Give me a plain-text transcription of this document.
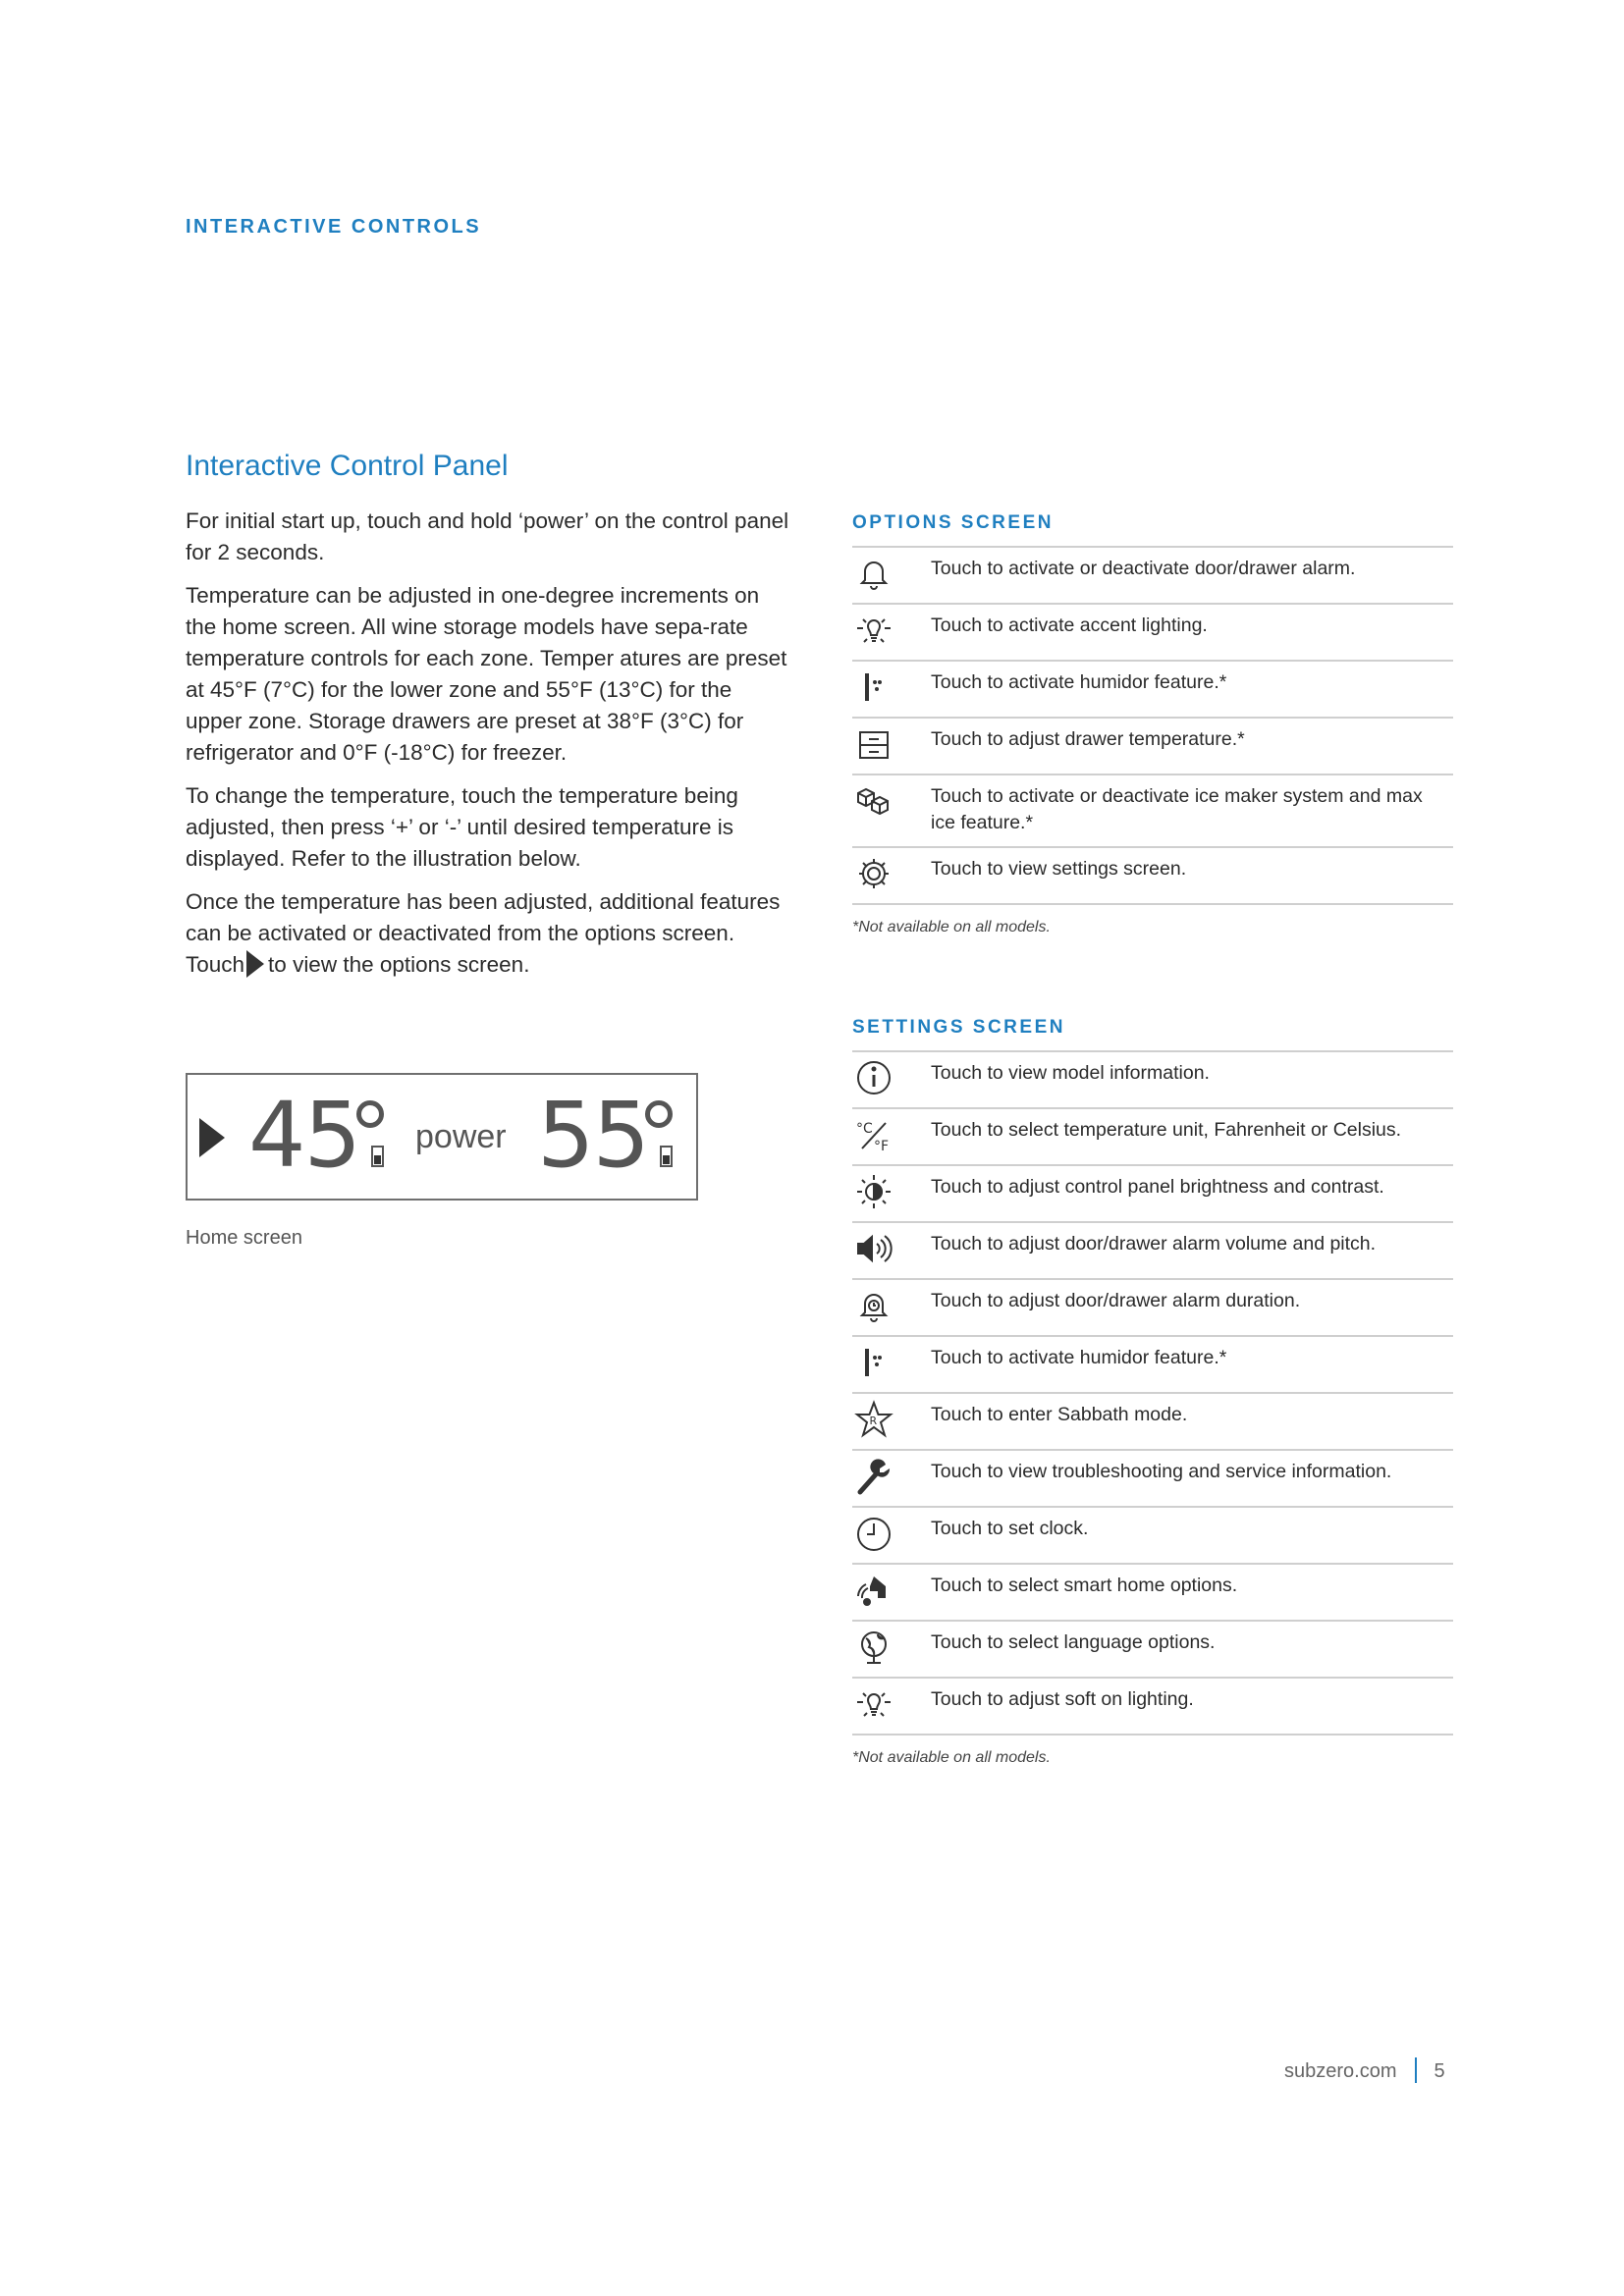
INTERACTIVE CONTROLS
Interactive Control Panel

For initial start up, touch and hold ‘power’ on the control panel for 2 seconds.

Temperature can be adjusted in one-degree increments on the home screen. All wine storage models have sepa-rate temperature controls for each zone. Temper atures are preset at 45°F (7°C) for the lower zone and 55°F (13°C) for the upper zone. Storage drawers are preset at 38°F (3°C) for refrigerator and 0°F (-18°C) for freezer.

To change the temperature, touch the temperature being adjusted, then press ‘+’ or ‘-’ until desired temperature is displayed. Refer to the illustration below.

Once the temperature has been adjusted, additional features can be activated or deactivated from the options screen. Touch to view the options screen.

45 power 55
Home screen
OPTIONS SCREEN
Touch to activate or deactivate door/drawer alarm.
Touch to activate accent lighting.
Touch to activate humidor feature.*
Touch to adjust drawer temperature.*
Touch to activate or deactivate ice maker system and max ice feature.*
Touch to view settings screen.
*Not available on all models.
SETTINGS SCREEN
Touch to view model information.
°C
°F
Touch to select temperature unit, Fahrenheit or Celsius.
Touch to adjust control panel brightness and contrast.
Touch to adjust door/drawer alarm volume and pitch.
Touch to adjust door/drawer alarm duration.
Touch to activate humidor feature.*
R	Touch to enter Sabbath mode.
Touch to view troubleshooting and service information.
Touch to set clock.
Touch to select smart home options.
Touch to select language options.
Touch to adjust soft on lighting.
*Not available on all models.
subzero.com 5
